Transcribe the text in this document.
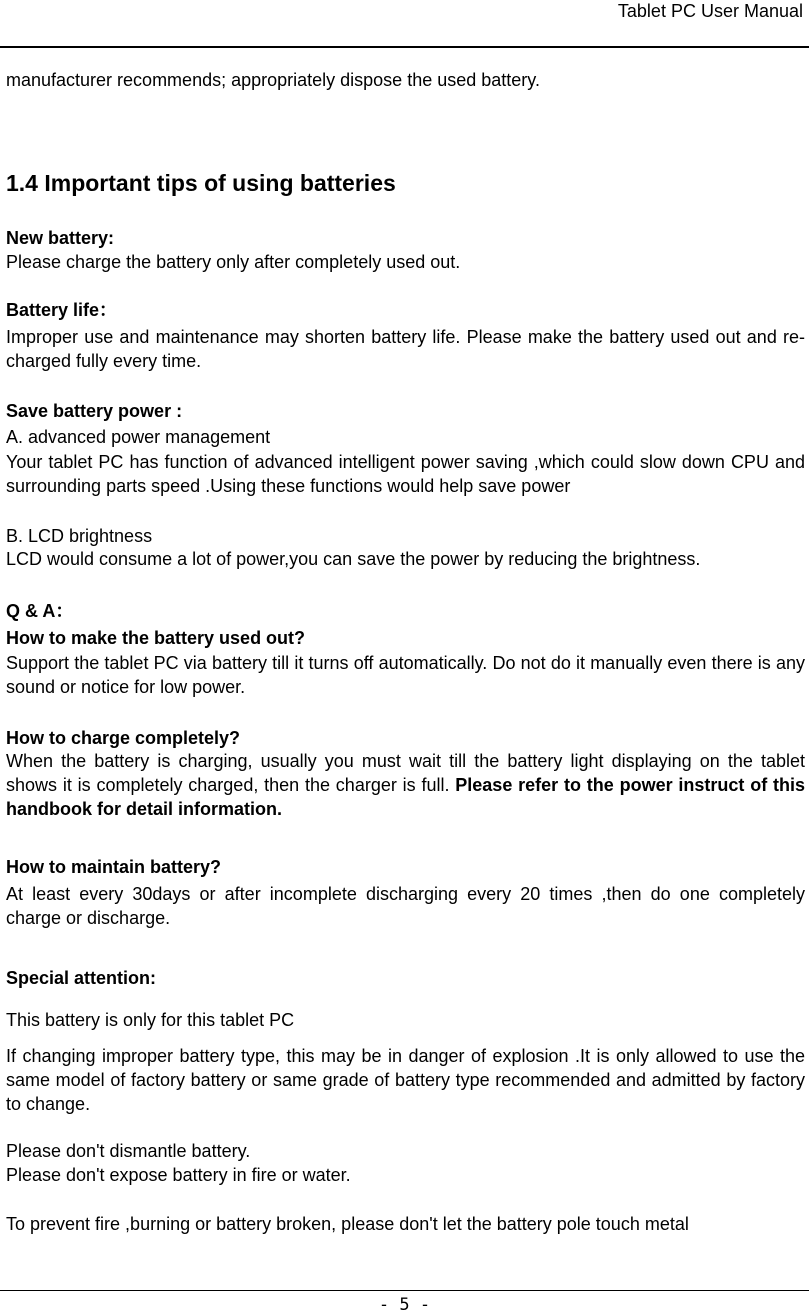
Tablet PC User Manual

manufacturer recommends; appropriately dispose the used battery.

1.4 Important tips of using batteries

New battery:

Please charge the battery only after completely used out.

Battery life：

Improper use and maintenance may shorten battery life. Please make the battery used out and re-charged fully every time.

Save battery power :

A. advanced power management

Your tablet PC has function of advanced intelligent power saving ,which could slow down CPU and surrounding parts speed .Using these functions would help save power

B. LCD brightness

LCD would consume a lot of power,you can save the power by reducing the brightness.

Q & A：

How to make the battery used out?

Support the tablet PC via battery till it turns off automatically. Do not do it manually even there is any sound or notice for low power.

How to charge completely?

When the battery is charging, usually you must wait till the battery light displaying on the tablet shows it is completely charged, then the charger is full. Please refer to the power instruct of this handbook for detail information.

How to maintain battery?

At least every 30days or after incomplete discharging every 20 times ,then do one completely charge or discharge.

Special attention:

This battery is only for this tablet PC

If changing improper battery type, this may be in danger of explosion .It is only allowed to use the same model of factory battery or same grade of battery type recommended and admitted by factory to change.

Please don't dismantle battery.

Please don't expose battery in fire or water.

To prevent fire ,burning or battery broken, please don't let the battery pole touch metal

- 5 -
